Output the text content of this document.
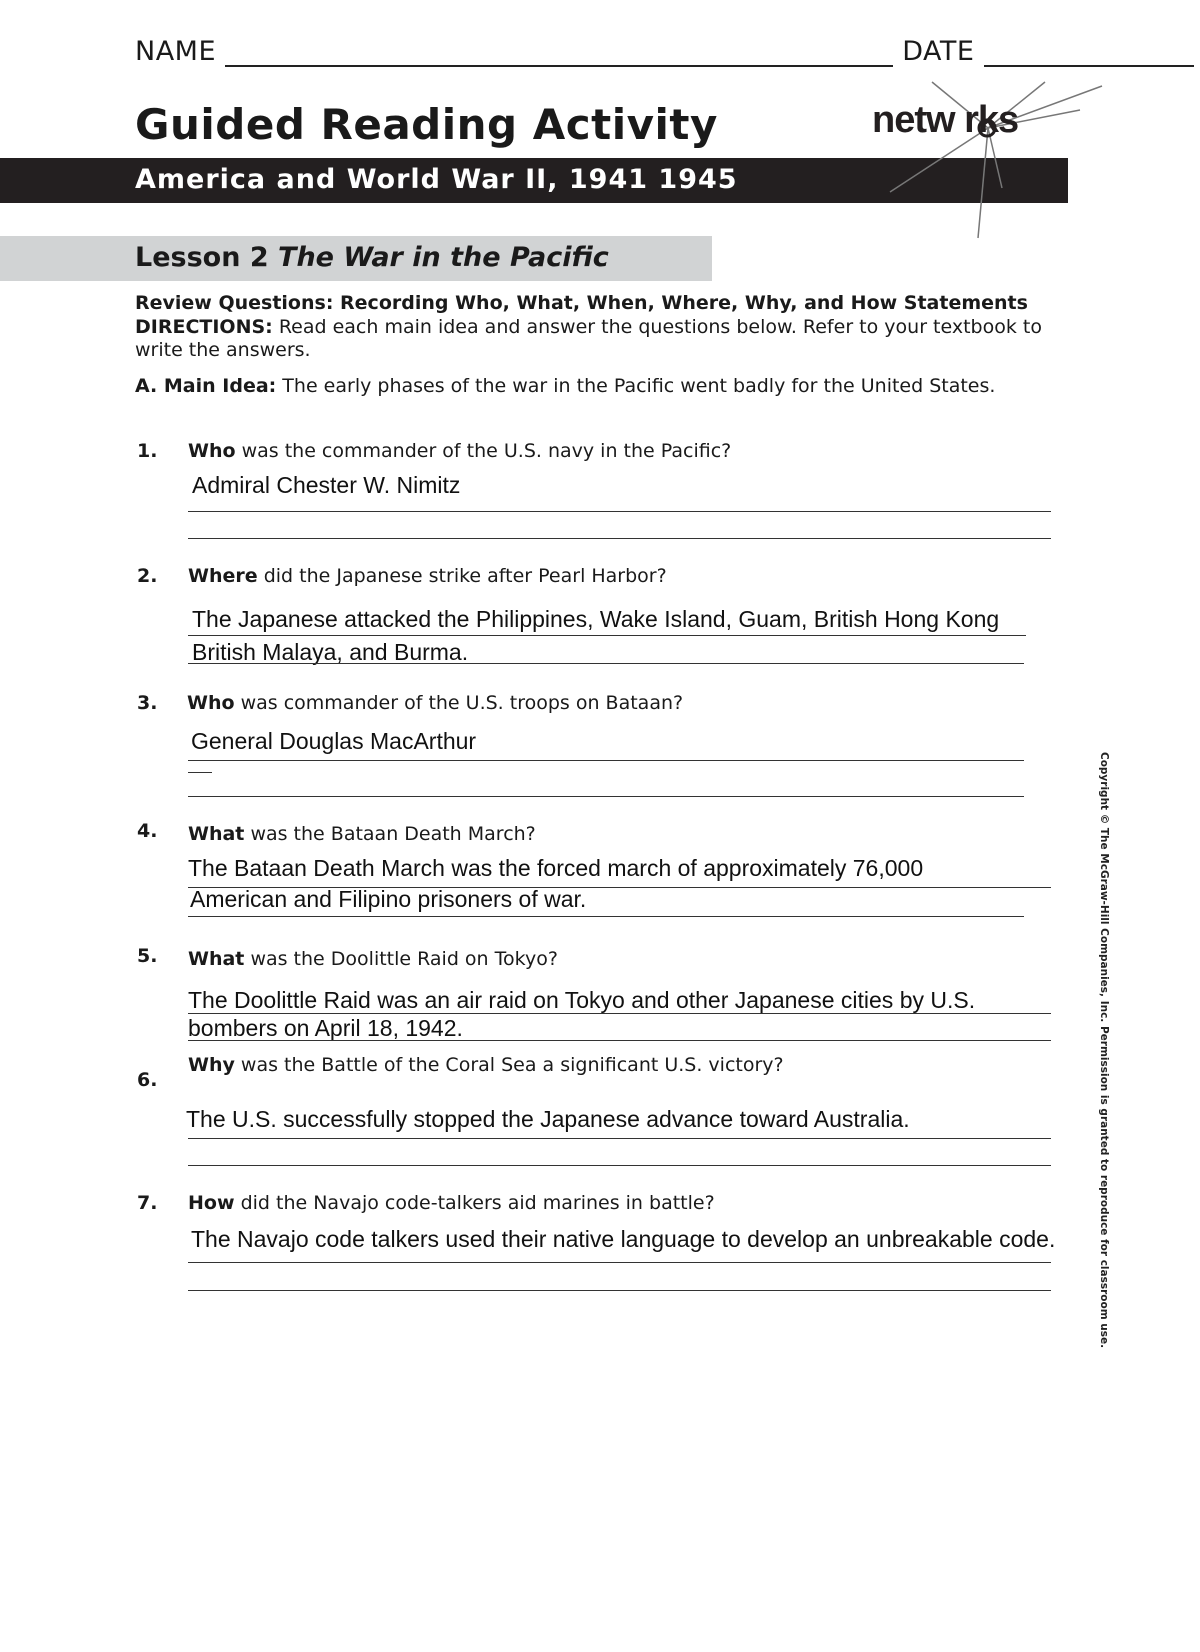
NAME	DATE
Guided Reading Activity
America and World War II, 1941 1945
netw rks
Lesson 2 The War in the Pacific
Review Questions: Recording Who, What, When, Where, Why, and How Statements
DIRECTIONS: Read each main idea and answer the questions below. Refer to your textbook to write the answers.
A. Main Idea: The early phases of the war in the Pacific went badly for the United States.
1. Who was the commander of the U.S. navy in the Pacific?
Admiral Chester W. Nimitz
2. Where did the Japanese strike after Pearl Harbor?
The Japanese attacked the Philippines, Wake Island, Guam, British Hong Kong
British Malaya, and Burma.
3. Who was commander of the U.S. troops on Bataan?
General Douglas MacArthur
4. What was the Bataan Death March?
The Bataan Death March was the forced march of approximately 76,000
American and Filipino prisoners of war.
5. What was the Doolittle Raid on Tokyo?
The Doolittle Raid was an air raid on Tokyo and other Japanese cities by U.S.
bombers on April 18, 1942.
Why was the Battle of the Coral Sea a significant U.S. victory?
6.
The U.S. successfully stopped the Japanese advance toward Australia.
7. How did the Navajo code-talkers aid marines in battle?
The Navajo code talkers used their native language to develop an unbreakable code.	Copyright © The McGraw-Hill Companies, Inc. Permission is granted to reproduce for classroom use.
